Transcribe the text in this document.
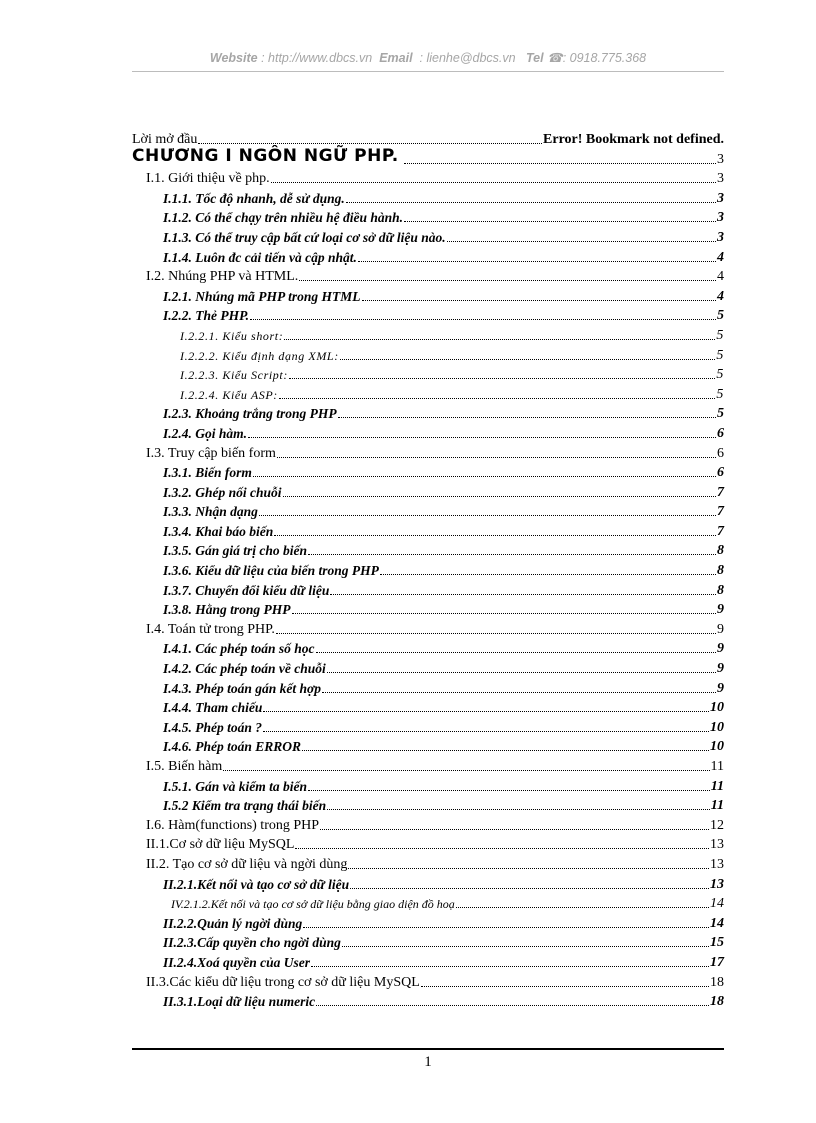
Website : http://www.dbcs.vn Email : lienhe@dbcs.vn Tel ☎: 0918.775.368
Lời mở đầu	Error! Bookmark not defined.
CHƯƠNG I NGÔN NGỮ PHP.	3
I.1. Giới thiệu về php.	3
I.1.1. Tốc độ nhanh, dễ sử dụng.	3
I.1.2. Có thể chạy trên nhiều hệ điều hành.	3
I.1.3. Có thể truy cập bất cứ loại cơ sở dữ liệu nào.	3
I.1.4. Luôn đc cải tiến và cập nhật.	4
I.2. Nhúng PHP và HTML.	4
I.2.1. Nhúng mã PHP trong HTML	4
I.2.2. Thẻ PHP.	5
I.2.2.1. Kiểu short:	5
I.2.2.2. Kiểu định dạng XML:	5
I.2.2.3. Kiểu Script:	5
I.2.2.4. Kiểu ASP:	5
I.2.3. Khoảng trắng trong PHP	5
I.2.4. Gọi hàm.	6
I.3. Truy cập biến form	6
I.3.1. Biến form	6
I.3.2. Ghép nối chuỗi	7
I.3.3. Nhận dạng	7
I.3.4. Khai báo biến	7
I.3.5. Gán giá trị cho biến	8
I.3.6. Kiểu dữ liệu của biến trong PHP	8
I.3.7. Chuyển đổi kiểu dữ liệu	8
I.3.8. Hằng trong PHP	9
I.4. Toán tử trong PHP.	9
I.4.1. Các phép toán số học	9
I.4.2. Các phép toán về chuỗi	9
I.4.3. Phép toán gán kết hợp	9
I.4.4. Tham chiếu	10
I.4.5. Phép toán ?	10
I.4.6. Phép toán ERROR	10
I.5. Biến hàm	11
I.5.1. Gán và kiểm ta biến	11
I.5.2 Kiểm tra trạng thái biến	11
I.6. Hàm(functions) trong PHP	12
II.1.Cơ sở dữ liệu MySQL	13
II.2. Tạo cơ sở dữ liệu và ngời dùng	13
II.2.1.Kết nối và tạo cơ sở dữ liệu	13
IV.2.1.2.Kết nối và tạo cơ sở dữ liệu bằng giao diện đồ hoạ	14
II.2.2.Quản lý ngời dùng	14
II.2.3.Cấp quyền cho ngời dùng	15
II.2.4.Xoá quyền của User	17
II.3.Các kiểu dữ liệu trong cơ sở dữ liệu MySQL	18
II.3.1.Loại dữ liệu numeric	18
1
